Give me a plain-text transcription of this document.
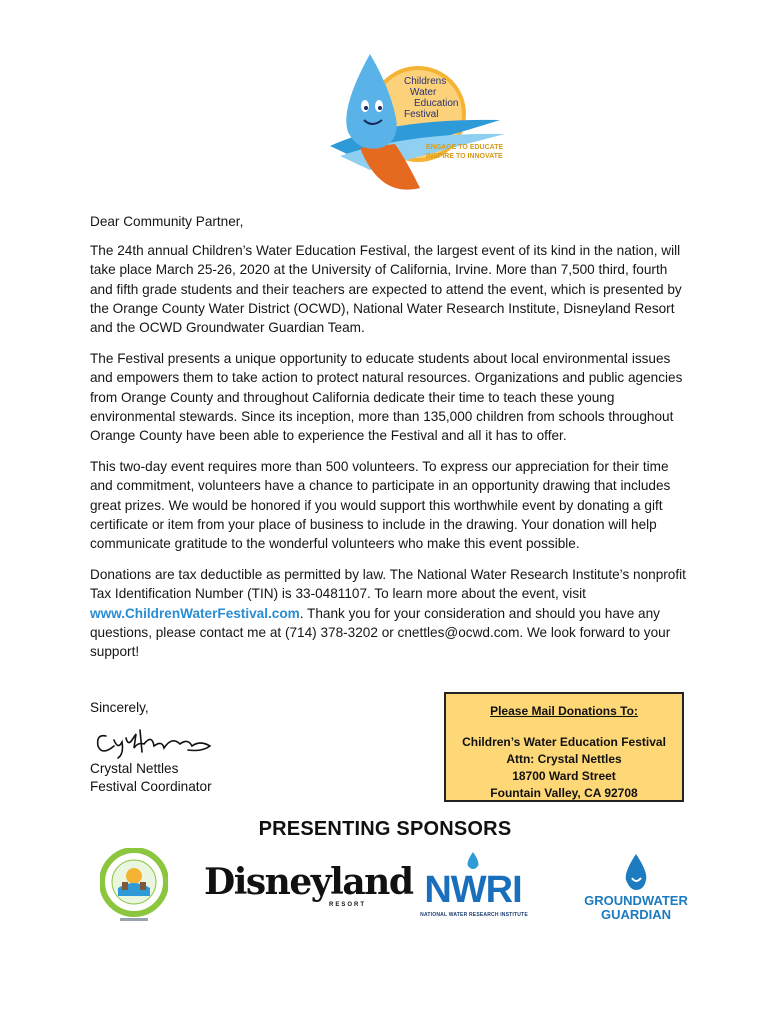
Childrens
Water
Education
Festival
ENGAGE TO EDUCATE
INSPIRE TO INNOVATE

Dear Community Partner,

The 24th annual Children’s Water Education Festival, the largest event of its kind in the nation, will take place March 25-26, 2020 at the University of California, Irvine. More than 7,500 third, fourth and fifth grade students and their teachers are expected to attend the event, which is presented by the Orange County Water District (OCWD), National Water Research Institute, Disneyland Resort and the OCWD Groundwater Guardian Team.

The Festival presents a unique opportunity to educate students about local environmental issues and empowers them to take action to protect natural resources. Organizations and public agencies from Orange County and throughout California dedicate their time to teach these young environmental stewards. Since its inception, more than 135,000 children from schools throughout Orange County have been able to experience the Festival and all it has to offer.

This two-day event requires more than 500 volunteers. To express our appreciation for their time and commitment, volunteers have a chance to participate in an opportunity drawing that includes great prizes. We would be honored if you would support this worthwhile event by donating a gift certificate or item from your place of business to include in the drawing. Your donation will help communicate gratitude to the wonderful volunteers who make this event possible.

Donations are tax deductible as permitted by law. The National Water Research Institute’s nonprofit Tax Identification Number (TIN) is 33-0481107. To learn more about the event, visit www.ChildrenWaterFestival.com. Thank you for your consideration and should you have any questions, please contact me at (714) 378-3202 or cnettles@ocwd.com. We look forward to your support!

Sincerely,
Crystal Nettles
Festival Coordinator
Please Mail Donations To:
Children’s Water Education Festival
Attn: Crystal Nettles
18700 Ward Street
Fountain Valley, CA 92708
PRESENTING SPONSORS
Disneyland
RESORT NWRI
NATIONAL WATER RESEARCH INSTITUTE
GROUNDWATER
GUARDIAN
